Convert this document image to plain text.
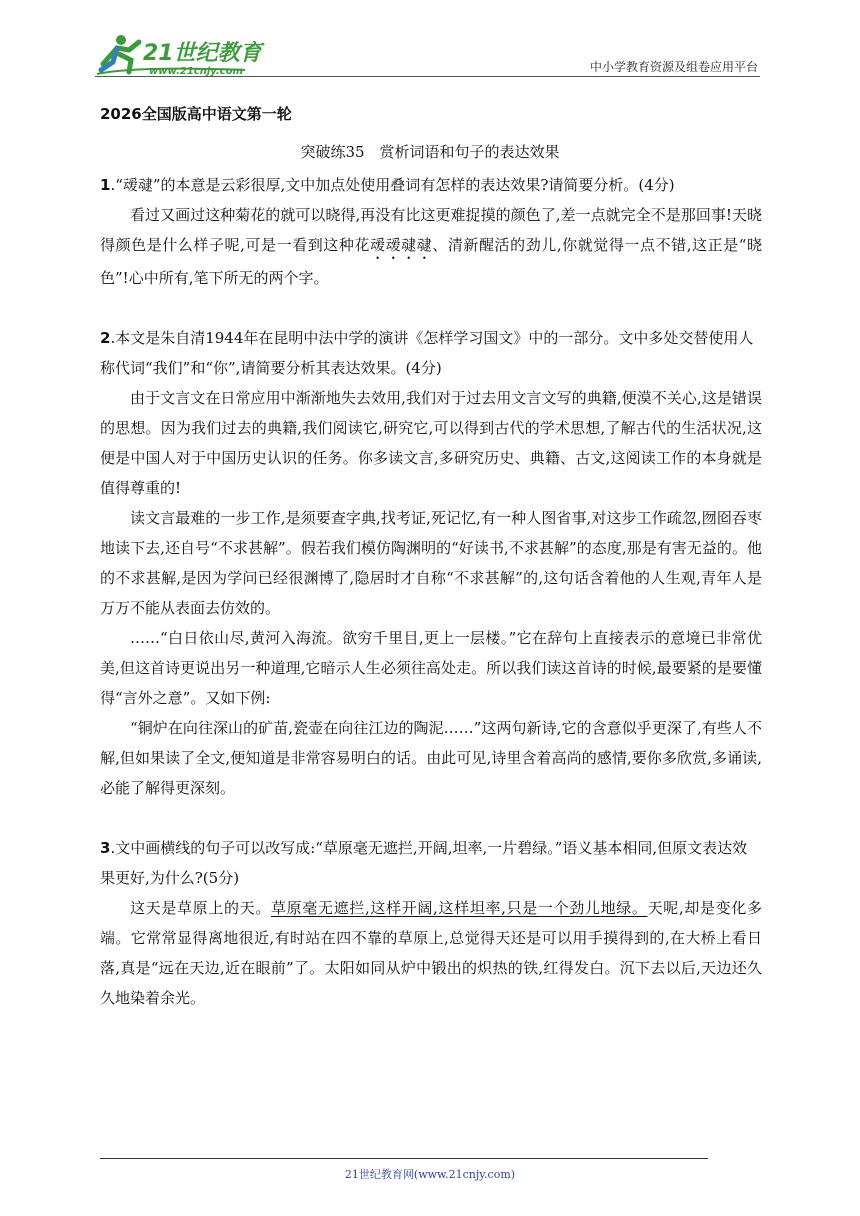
21世纪教育
www.21cnjy.com	中小学教育资源及组卷应用平台
2026全国版高中语文第一轮
突破练35　赏析词语和句子的表达效果

1.“叆叇”的本意是云彩很厚,文中加点处使用叠词有怎样的表达效果?请简要分析。(4分)

看过又画过这种菊花的就可以晓得,再没有比这更难捉摸的颜色了,差一点就完全不是那回事!天晓得颜色是什么样子呢,可是一看到这种花叆叆叇叇、清新醒活的劲儿,你就觉得一点不错,这正是“晓色”!心中所有,笔下所无的两个字。

2.本文是朱自清1944年在昆明中法中学的演讲《怎样学习国文》中的一部分。文中多处交替使用人称代词“我们”和“你”,请简要分析其表达效果。(4分)

由于文言文在日常应用中渐渐地失去效用,我们对于过去用文言文写的典籍,便漠不关心,这是错误的思想。因为我们过去的典籍,我们阅读它,研究它,可以得到古代的学术思想,了解古代的生活状况,这便是中国人对于中国历史认识的任务。你多读文言,多研究历史、典籍、古文,这阅读工作的本身就是值得尊重的!

读文言最难的一步工作,是须要查字典,找考证,死记忆,有一种人图省事,对这步工作疏忽,囫囵吞枣地读下去,还自号“不求甚解”。假若我们模仿陶渊明的“好读书,不求甚解”的态度,那是有害无益的。他的不求甚解,是因为学问已经很渊博了,隐居时才自称“不求甚解”的,这句话含着他的人生观,青年人是万万不能从表面去仿效的。

……“白日依山尽,黄河入海流。欲穷千里目,更上一层楼。”它在辞句上直接表示的意境已非常优美,但这首诗更说出另一种道理,它暗示人生必须往高处走。所以我们读这首诗的时候,最要紧的是要懂得“言外之意”。又如下例:

“铜炉在向往深山的矿苗,瓷壶在向往江边的陶泥……”这两句新诗,它的含意似乎更深了,有些人不解,但如果读了全文,便知道是非常容易明白的话。由此可见,诗里含着高尚的感情,要你多欣赏,多诵读,必能了解得更深刻。

3.文中画横线的句子可以改写成:“草原毫无遮拦,开阔,坦率,一片碧绿。”语义基本相同,但原文表达效果更好,为什么?(5分)

这天是草原上的天。草原毫无遮拦,这样开阔,这样坦率,只是一个劲儿地绿。天呢,却是变化多端。它常常显得离地很近,有时站在四不靠的草原上,总觉得天还是可以用手摸得到的,在大桥上看日落,真是“远在天边,近在眼前”了。太阳如同从炉中锻出的炽热的铁,红得发白。沉下去以后,天边还久久地染着余光。

21世纪教育网(www.21cnjy.com)
